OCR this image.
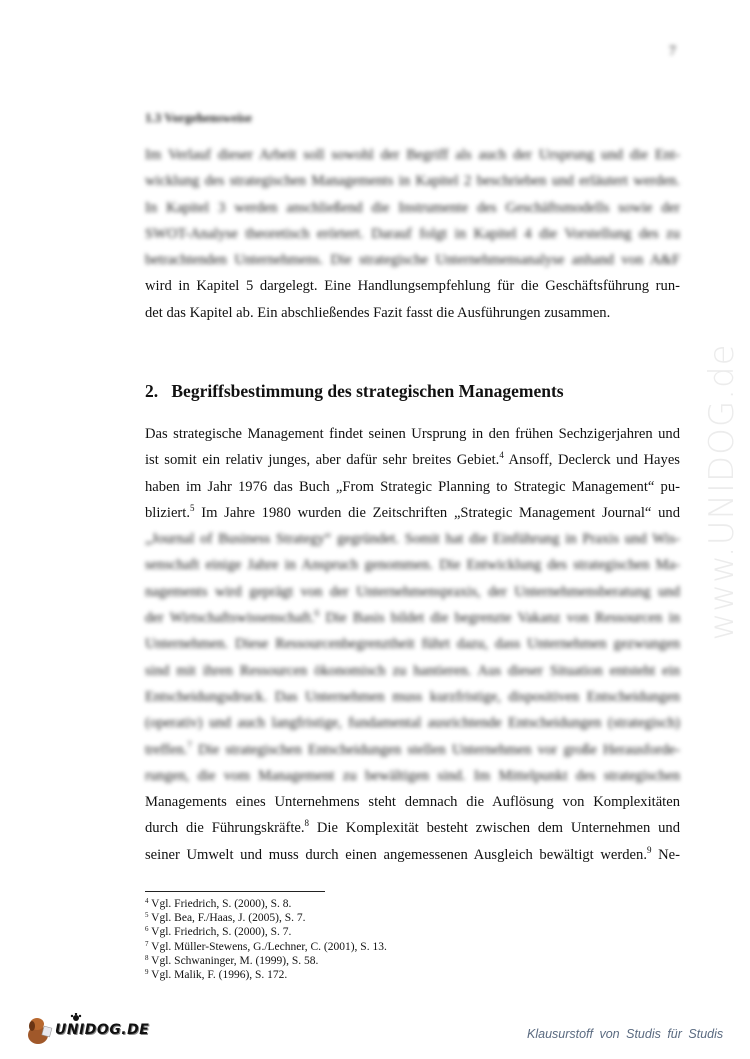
7
1.3 Vorgehensweise
Im Verlauf dieser Arbeit soll sowohl der Begriff als auch der Ursprung und die Ent-
wicklung des strategischen Managements in Kapitel 2 beschrieben und erläutert werden.
In Kapitel 3 werden anschließend die Instrumente des Geschäftsmodells sowie der
SWOT-Analyse theoretisch erörtert. Darauf folgt in Kapitel 4 die Vorstellung des zu
betrachtenden Unternehmens. Die strategische Unternehmensanalyse anhand von A&F
wird in Kapitel 5 dargelegt. Eine Handlungsempfehlung für die Geschäftsführung run-
det das Kapitel ab. Ein abschließendes Fazit fasst die Ausführungen zusammen.
2. Begriffsbestimmung des strategischen Managements
Das strategische Management findet seinen Ursprung in den frühen Sechzigerjahren und
ist somit ein relativ junges, aber dafür sehr breites Gebiet.$^4$ Ansoff, Declerck und Hayes
haben im Jahr 1976 das Buch „From Strategic Planning to Strategic Management“ pu-
bliziert.$^5$ Im Jahre 1980 wurden die Zeitschriften „Strategic Management Journal“ und
„Journal of Business Strategy“ gegründet. Somit hat die Einführung in Praxis und Wis-
senschaft einige Jahre in Anspruch genommen. Die Entwicklung des strategischen Ma-
nagements wird geprägt von der Unternehmenspraxis, der Unternehmensberatung und
der Wirtschaftswissenschaft.$^6$ Die Basis bildet die begrenzte Vakanz von Ressourcen in
Unternehmen. Diese Ressourcenbegrenztheit führt dazu, dass Unternehmen gezwungen
sind mit ihren Ressourcen ökonomisch zu hantieren. Aus dieser Situation entsteht ein
Entscheidungsdruck. Das Unternehmen muss kurzfristige, dispositiven Entscheidungen
(operativ) und auch langfristige, fundamental ausrichtende Entscheidungen (strategisch)
treffen.$^7$ Die strategischen Entscheidungen stellen Unternehmen vor große Herausforde-
rungen, die vom Management zu bewältigen sind. Im Mittelpunkt des strategischen
Managements eines Unternehmens steht demnach die Auflösung von Komplexitäten
durch die Führungskräfte.$^8$ Die Komplexität besteht zwischen dem Unternehmen und
seiner Umwelt und muss durch einen angemessenen Ausgleich bewältigt werden.$^9$ Ne-
$^4$ Vgl. Friedrich, S. (2000), S. 8.
$^5$ Vgl. Bea, F./Haas, J. (2005), S. 7.
$^6$ Vgl. Friedrich, S. (2000), S. 7.
$^7$ Vgl. Müller-Stewens, G./Lechner, C. (2001), S. 13.
$^8$ Vgl. Schwaninger, M. (1999), S. 58.
$^9$ Vgl. Malik, F. (1996), S. 172.
www.UNIDOG.de
UNIDOG.DE	Klausurstoff von Studis für Studis
